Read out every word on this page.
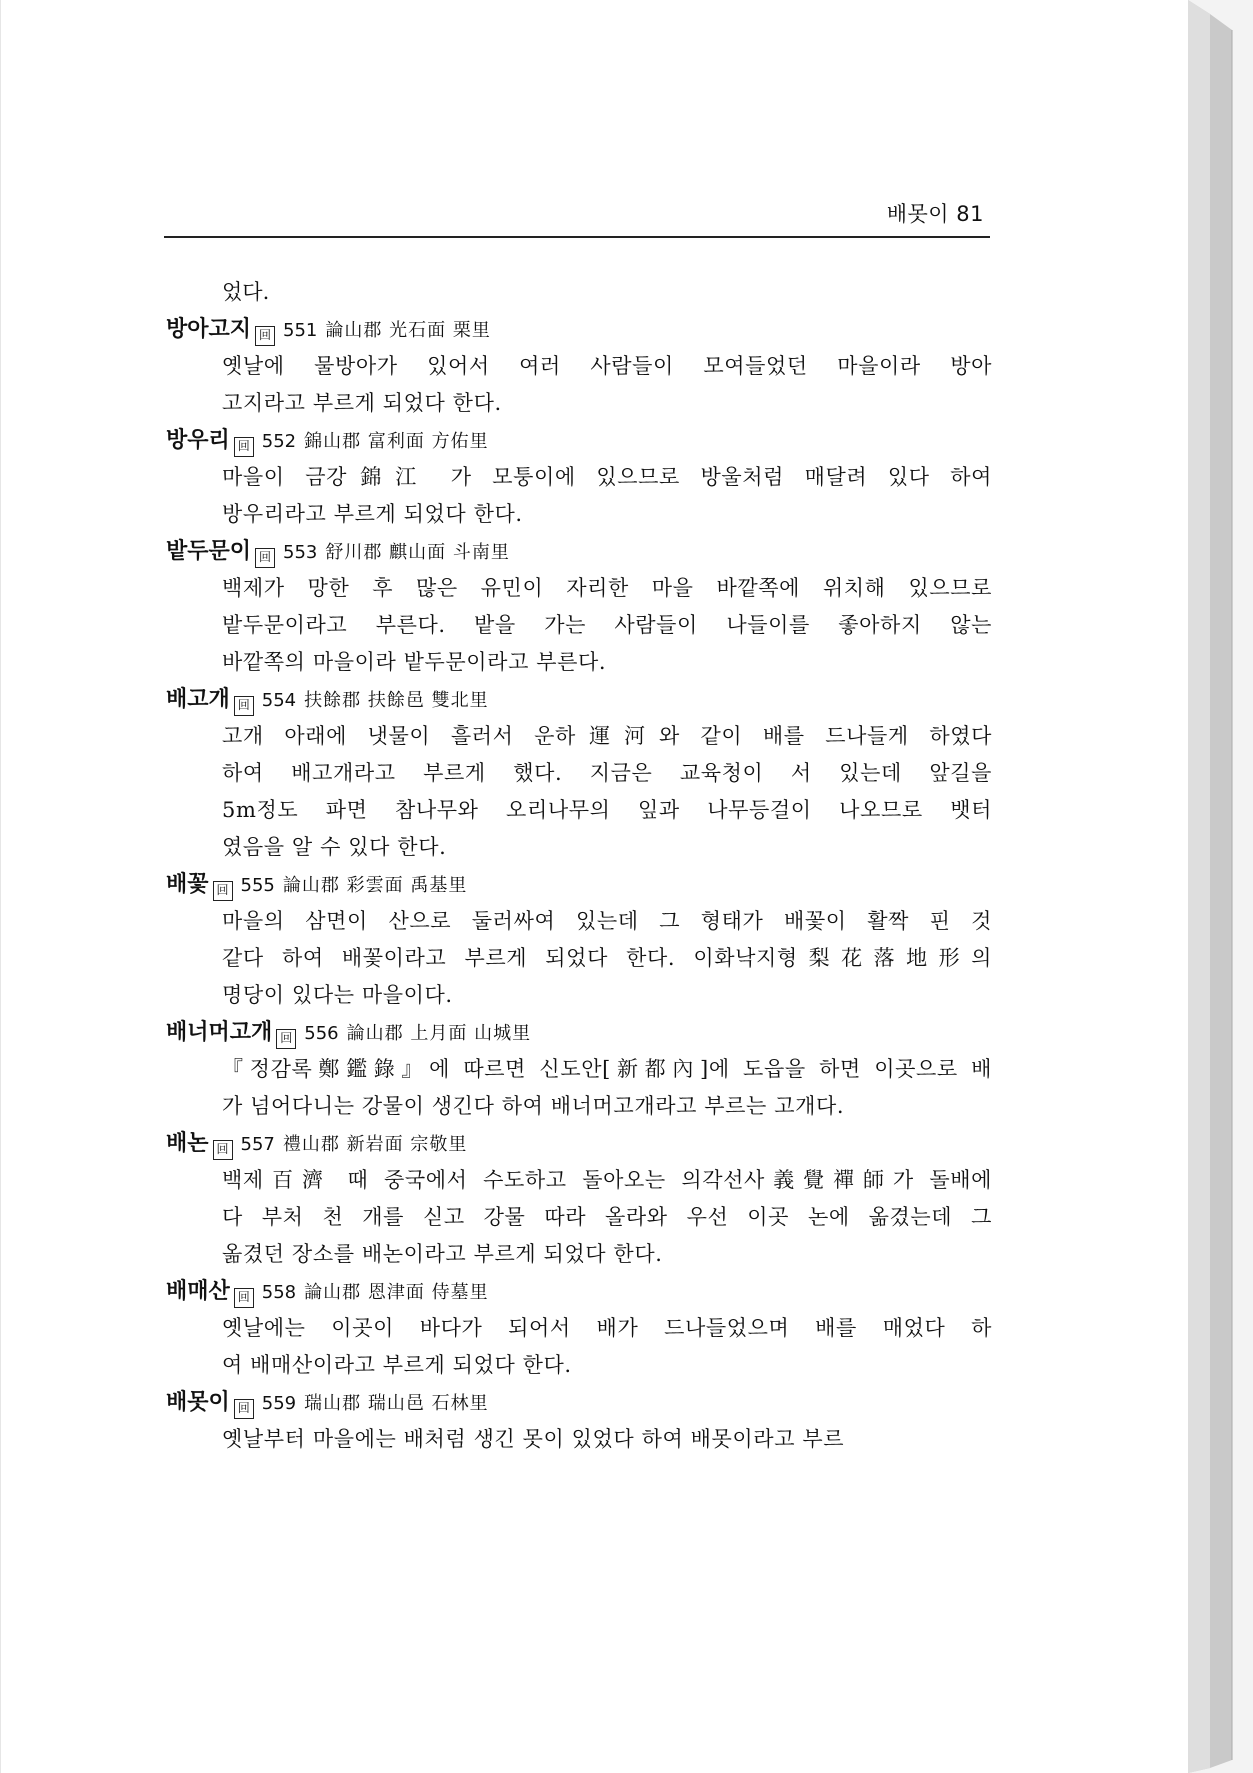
배못이 81
었다.
방아고지 回 551 論山郡 光石面 栗里
옛날에 물방아가 있어서 여러 사람들이 모여들었던 마을이라 방아
고지라고 부르게 되었다 한다.
방우리 回 552 錦山郡 富利面 方佑里
마을이 금강錦江 가 모퉁이에 있으므로 방울처럼 매달려 있다 하여
방우리라고 부르게 되었다 한다.
밭두문이 回 553 舒川郡 麒山面 斗南里
백제가 망한 후 많은 유민이 자리한 마을 바깥쪽에 위치해 있으므로
밭두문이라고 부른다. 밭을 가는 사람들이 나들이를 좋아하지 않는
바깥쪽의 마을이라 밭두문이라고 부른다.
배고개 回 554 扶餘郡 扶餘邑 雙北里
고개 아래에 냇물이 흘러서 운하運河와 같이 배를 드나들게 하였다
하여 배고개라고 부르게 했다. 지금은 교육청이 서 있는데 앞길을
5m정도 파면 참나무와 오리나무의 잎과 나무등걸이 나오므로 뱃터
였음을 알 수 있다 한다.
배꽃 回 555 論山郡 彩雲面 禹基里
마을의 삼면이 산으로 둘러싸여 있는데 그 형태가 배꽃이 활짝 핀 것
같다 하여 배꽃이라고 부르게 되었다 한다. 이화낙지형梨花落地形의
명당이 있다는 마을이다.
배너머고개 回 556 論山郡 上月面 山城里
『정감록鄭鑑錄』에 따르면 신도안[新都內]에 도읍을 하면 이곳으로 배
가 넘어다니는 강물이 생긴다 하여 배너머고개라고 부르는 고개다.
배논 回 557 禮山郡 新岩面 宗敬里
백제百濟 때 중국에서 수도하고 돌아오는 의각선사義覺禪師가 돌배에
다 부처 천 개를 싣고 강물 따라 올라와 우선 이곳 논에 옮겼는데 그
옮겼던 장소를 배논이라고 부르게 되었다 한다.
배매산 回 558 論山郡 恩津面 侍墓里
옛날에는 이곳이 바다가 되어서 배가 드나들었으며 배를 매었다 하
여 배매산이라고 부르게 되었다 한다.
배못이 回 559 瑞山郡 瑞山邑 石林里
옛날부터 마을에는 배처럼 생긴 못이 있었다 하여 배못이라고 부르
